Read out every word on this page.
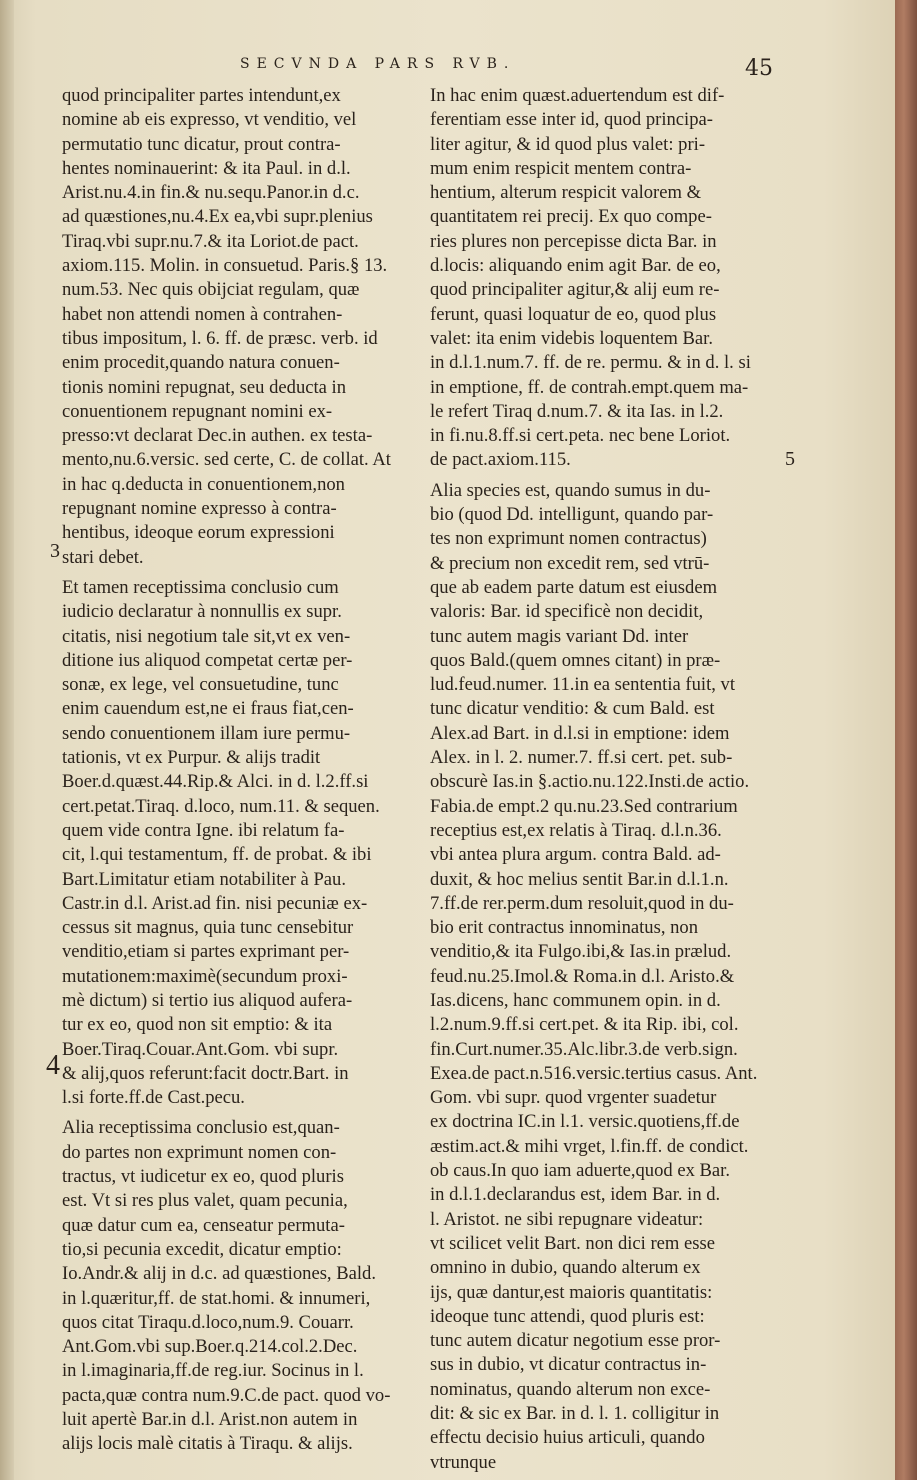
SECVNDA PARS RVB.	45
quod principaliter partes intendunt,ex
nomine ab eis expresso, vt venditio, vel
permutatio tunc dicatur, prout contra-
hentes nominauerint: & ita Paul. in d.l.
Arist.nu.4.in fin.& nu.sequ.Panor.in d.c.
ad quæstiones,nu.4.Ex ea,vbi supr.plenius
Tiraq.vbi supr.nu.7.& ita Loriot.de pact.
axiom.115. Molin. in consuetud. Paris.§ 13.
num.53. Nec quis obijciat regulam, quæ
habet non attendi nomen à contrahen-
tibus impositum, l. 6. ff. de præsc. verb. id
enim procedit,quando natura conuen-
tionis nomini repugnat, seu deducta in
conuentionem repugnant nomini ex-
presso:vt declarat Dec.in authen. ex testa-
mento,nu.6.versic. sed certe, C. de collat. At
in hac q.deducta in conuentionem,non
repugnant nomine expresso à contra-
hentibus, ideoque eorum expressioni
stari debet.
Et tamen receptissima conclusio cum
iudicio declaratur à nonnullis ex supr.
citatis, nisi negotium tale sit,vt ex ven-
ditione ius aliquod competat certæ per-
sonæ, ex lege, vel consuetudine, tunc
enim cauendum est,ne ei fraus fiat,cen-
sendo conuentionem illam iure permu-
tationis, vt ex Purpur. & alijs tradit
Boer.d.quæst.44.Rip.& Alci. in d. l.2.ff.si
cert.petat.Tiraq. d.loco, num.11. & sequen.
quem vide contra Igne. ibi relatum fa-
cit, l.qui testamentum, ff. de probat. & ibi
Bart.Limitatur etiam notabiliter à Pau.
Castr.in d.l. Arist.ad fin. nisi pecuniæ ex-
cessus sit magnus, quia tunc censebitur
venditio,etiam si partes exprimant per-
mutationem:maximè(secundum proxi-
mè dictum) si tertio ius aliquod aufera-
tur ex eo, quod non sit emptio: & ita
Boer.Tiraq.Couar.Ant.Gom. vbi supr.
& alij,quos referunt:facit doctr.Bart. in
l.si forte.ff.de Cast.pecu.
Alia receptissima conclusio est,quan-
do partes non exprimunt nomen con-
tractus, vt iudicetur ex eo, quod pluris
est. Vt si res plus valet, quam pecunia,
quæ datur cum ea, censeatur permuta-
tio,si pecunia excedit, dicatur emptio:
Io.Andr.& alij in d.c. ad quæstiones, Bald.
in l.quæritur,ff. de stat.homi. & innumeri,
quos citat Tiraqu.d.loco,num.9. Couarr.
Ant.Gom.vbi sup.Boer.q.214.col.2.Dec.
in l.imaginaria,ff.de reg.iur. Socinus in l.
pacta,quæ contra num.9.C.de pact. quod vo-
luit apertè Bar.in d.l. Arist.non autem in
alijs locis malè citatis à Tiraqu. & alijs.
In hac enim quæst.aduertendum est dif-
ferentiam esse inter id, quod principa-
liter agitur, & id quod plus valet: pri-
mum enim respicit mentem contra-
hentium, alterum respicit valorem &
quantitatem rei precij. Ex quo compe-
ries plures non percepisse dicta Bar. in
d.locis: aliquando enim agit Bar. de eo,
quod principaliter agitur,& alij eum re-
ferunt, quasi loquatur de eo, quod plus
valet: ita enim videbis loquentem Bar.
in d.l.1.num.7. ff. de re. permu. & in d. l. si
in emptione, ff. de contrah.empt.quem ma-
le refert Tiraq d.num.7. & ita Ias. in l.2.
in fi.nu.8.ff.si cert.peta. nec bene Loriot.
de pact.axiom.115.
Alia species est, quando sumus in du-
bio (quod Dd. intelligunt, quando par-
tes non exprimunt nomen contractus)
& precium non excedit rem, sed vtrū-
que ab eadem parte datum est eiusdem
valoris: Bar. id specificè non decidit,
tunc autem magis variant Dd. inter
quos Bald.(quem omnes citant) in præ-
lud.feud.numer. 11.in ea sententia fuit, vt
tunc dicatur venditio: & cum Bald. est
Alex.ad Bart. in d.l.si in emptione: idem
Alex. in l. 2. numer.7. ff.si cert. pet. sub-
obscurè Ias.in §.actio.nu.122.Insti.de actio.
Fabia.de empt.2 qu.nu.23.Sed contrarium
receptius est,ex relatis à Tiraq. d.l.n.36.
vbi antea plura argum. contra Bald. ad-
duxit, & hoc melius sentit Bar.in d.l.1.n.
7.ff.de rer.perm.dum resoluit,quod in du-
bio erit contractus innominatus, non
venditio,& ita Fulgo.ibi,& Ias.in prælud.
feud.nu.25.Imol.& Roma.in d.l. Aristo.&
Ias.dicens, hanc communem opin. in d.
l.2.num.9.ff.si cert.pet. & ita Rip. ibi, col.
fin.Curt.numer.35.Alc.libr.3.de verb.sign.
Exea.de pact.n.516.versic.tertius casus. Ant.
Gom. vbi supr. quod vrgenter suadetur
ex doctrina IC.in l.1. versic.quotiens,ff.de
æstim.act.& mihi vrget, l.fin.ff. de condict.
ob caus.In quo iam aduerte,quod ex Bar.
in d.l.1.declarandus est, idem Bar. in d.
l. Aristot. ne sibi repugnare videatur:
vt scilicet velit Bart. non dici rem esse
omnino in dubio, quando alterum ex
ijs, quæ dantur,est maioris quantitatis:
ideoque tunc attendi, quod pluris est:
tunc autem dicatur negotium esse pror-
sus in dubio, vt dicatur contractus in-
nominatus, quando alterum non exce-
dit: & sic ex Bar. in d. l. 1. colligitur in
effectu decisio huius articuli, quando
vtrunque
3
4
5
